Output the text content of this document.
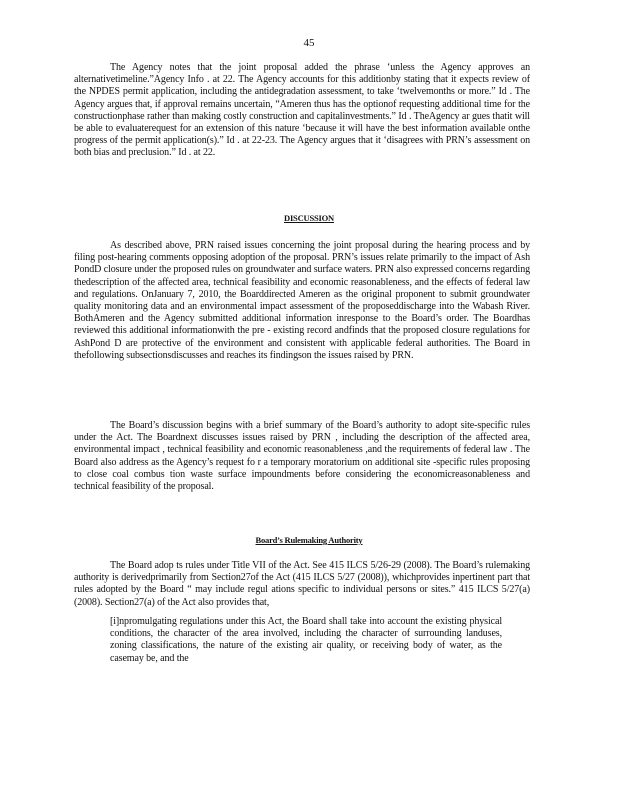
45

The Agency notes that the joint proposal added the phrase ‘unless the Agency approves an alternativetimeline.”Agency Info . at 22. The Agency accounts for this additionby stating that it expects review of the NPDES permit application, including the antidegradation assessment, to take ‘twelvemonths or more.” Id . The Agency argues that, if approval remains uncertain, “Ameren thus has the optionof requesting additional time for the constructionphase rather than making costly construction and capitalinvestments.” Id . TheAgency ar gues thatit will be able to evaluaterequest for an extension of this nature ‘because it will have the best information available onthe progress of the permit application(s).” Id . at 22-23. The Agency argues that it ‘disagrees with PRN’s assessment on both bias and preclusion.” Id . at 22.

DISCUSSION

As described above, PRN raised issues concerning the joint proposal during the hearing process and by filing post-hearing comments opposing adoption of the proposal. PRN’s issues relate primarily to the impact of Ash PondD closure under the proposed rules on groundwater and surface waters. PRN also expressed concerns regarding thedescription of the affected area, technical feasibility and economic reasonableness, and the effects of federal law and regulations. OnJanuary 7, 2010, the Boarddirected Ameren as the original proponent to submit groundwater quality monitoring data and an environmental impact assessment of the proposeddischarge into the Wabash River. BothAmeren and the Agency submitted additional information inresponse to the Board’s order. The Boardhas reviewed this additional informationwith the pre - existing record andfinds that the proposed closure regulations for AshPond D are protective of the environment and consistent with applicable federal authorities. The Board in thefollowing subsectionsdiscusses and reaches its findingson the issues raised by PRN.

The Board’s discussion begins with a brief summary of the Board’s authority to adopt site-specific rules under the Act. The Boardnext discusses issues raised by PRN , including the description of the affected area, environmental impact , technical feasibility and economic reasonableness ,and the requirements of federal law . The Board also address as the Agency’s request fo r a temporary moratorium on additional site -specific rules proposing to close coal combus tion waste surface impoundments before considering the economicreasonableness and technical feasibility of the proposal.

Board’s Rulemaking Authority

The Board adop ts rules under Title VII of the Act. See 415 ILCS 5/26-29 (2008). The Board’s rulemaking authority is derivedprimarily from Section27of the Act (415 ILCS 5/27 (2008)), whichprovides inpertinent part that rules adopted by the Board “ may include regul ations specific to individual persons or sites.” 415 ILCS 5/27(a) (2008). Section27(a) of the Act also provides that,

[i]npromulgating regulations under this Act, the Board shall take into account the existing physical conditions, the character of the area involved, including the character of surrounding landuses, zoning classifications, the nature of the existing air quality, or receiving body of water, as the casemay be, and the
